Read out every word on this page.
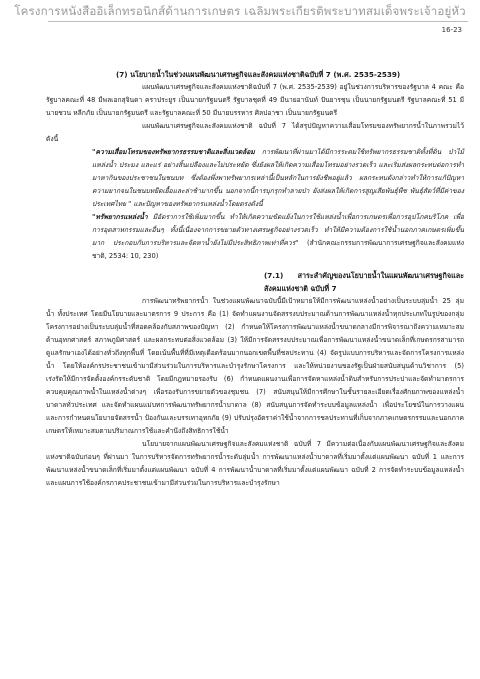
โครงการหนังสืออิเล็กทรอนิกส์ด้านการเกษตร เฉลิมพระเกียรติพระบาทสมเด็จพระเจ้าอยู่หัว
16-23

(7) นโยบายน้ำในช่วงแผนพัฒนาเศรษฐกิจและสังคมแห่งชาติฉบับที่ 7 (พ.ศ. 2535-2539)

แผนพัฒนาเศรษฐกิจและสังคมแห่งชาติฉบับที่ 7 (พ.ศ. 2535-2539) อยู่ในช่วงการบริหารของรัฐบาล 4 คณะ คือ รัฐบาลคณะที่ 48 มีพลเอกสุจินดา คราประยูร เป็นนายกรัฐมนตรี รัฐบาลชุดที่ 49 มีนายอานันท์ ปันยารชุน เป็นนายกรัฐมนตรี รัฐบาลคณะที่ 51 มีนายชวน หลีกภัย เป็นนายกรัฐมนตรี และรัฐบาลคณะที่ 50 มีนายบรรหาร ศิลปอาชา เป็นนายกรัฐมนตรี

แผนพัฒนาเศรษฐกิจและสังคมแห่งชาติ ฉบับที่ 7 ได้สรุปปัญหาความเสื่อมโทรมของทรัพยากรน้ำในภาพรวมไว้ดังนี้

"ความเสื่อมโทรมของทรัพยากรธรรมชาติและสิ่งแวดล้อม การพัฒนาที่ผ่านมาได้มีการระดมใช้ทรัพยากรธรรมชาติทั้งที่ดิน ป่าไม้ แหล่งน้ำ ประมง และแร่ อย่างสิ้นเปลืองและไม่ประหยัด ซึ่งยังผลให้เกิดความเสื่อมโทรมอย่างรวดเร็ว และเริ่มส่งผลกระทบต่อการทำมาหากินของประชาชนในชนบท ซึ่งต้องพึ่งพาทรัพยากรเหล่านี้เป็นหลักในการยังชีพอยู่แล้ว ผลกระทบดังกล่าวทำให้การแก้ปัญหาความยากจนในชนบทยืดเยื้อและล่าช้ามากขึ้น นอกจากนี้การบุกรุกทำลายป่า ยังส่งผลให้เกิดการสูญเสียพันธุ์พืช พันธุ์สัตว์ที่มีค่าของประเทศไทย " และปัญหาของทรัพยากรแหล่งน้ำโดยตรงดังนี้

"ทรัพยากรแหล่งน้ำ มีอัตราการใช้เพิ่มมากขึ้น ทำให้เกิดความขัดแย้งในการใช้แหล่งน้ำเพื่อการเกษตรเพื่อการอุปโภคบริโภค เพื่อการอุตสาหกรรมและอื่นๆ ทั้งนี้เนื่องจากการขยายตัวทางเศรษฐกิจอย่างรวดเร็ว ทำให้มีความต้องการใช้น้ำนอกภาคเกษตรเพิ่มขึ้นมาก ประกอบกับการบริหารและจัดหาน้ำยังไม่มีประสิทธิภาพเท่าที่ควร" (สำนักคณะกรรมการพัฒนาการเศรษฐกิจและสังคมแห่งชาติ, 2534: 10, 230)

(7.1) สาระสำคัญของนโยบายน้ำในแผนพัฒนาเศรษฐกิจและสังคมแห่งชาติ ฉบับที่ 7

การพัฒนาทรัพยากรน้ำ ในช่วงแผนพัฒนาฉบับนี้มีเป้าหมายให้มีการพัฒนาแหล่งน้ำอย่างเป็นระบบลุ่มน้ำ 25 ลุ่มน้ำ ทั้งประเทศ โดยมีนโยบายและมาตรการ 9 ประการ คือ (1) จัดทำแผนงานจัดสรรงบประมาณด้านการพัฒนาแหล่งน้ำทุกประเภทในรูปของกลุ่มโครงการอย่างเป็นระบบลุ่มน้ำที่สอดคล้องกับสภาพของปัญหา (2) กำหนดให้โครงการพัฒนาแหล่งน้ำขนาดกลางมีการพิจารณาถึงความเหมาะสมด้านอุทกศาสตร์ สภาพภูมิศาสตร์ และผลกระทบต่อสิ่งแวดล้อม (3) ให้มีการจัดสรรงบประมาณเพื่อการพัฒนาแหล่งน้ำขนาดเล็กที่เกษตรกรสามารถดูแลรักษาเองได้อย่างทั่วถึงทุกพื้นที่ โดยเน้นพื้นที่ที่มีเหตุเดือดร้อนมากนอกเขตพื้นที่ชลประทาน (4) จัดรูปแบบการบริหารและจัดการโครงการแหล่งน้ำ โดยให้องค์กรประชาชนเข้ามามีส่วนร่วมในการบริหารและบำรุงรักษาโครงการ และให้หน่วยงานของรัฐเป็นฝ่ายสนับสนุนด้านวิชาการ (5) เร่งรัดให้มีการจัดตั้งองค์กรระดับชาติ โดยมีกฎหมายรองรับ (6) กำหนดแผนงานเพื่อการจัดหาแหล่งน้ำดิบสำหรับการประปาและจัดทำมาตรการควบคุมคุณภาพน้ำในแหล่งน้ำต่างๆ เพื่อรองรับการขยายตัวของชุมชน (7) สนับสนุนให้มีการศึกษาในชั้นรายละเอียดเรื่องศักยภาพของแหล่งน้ำบาดาลทั่วประเทศ และจัดทำแผนแม่บทการพัฒนาทรัพยากรน้ำบาดาล (8) สนับสนุนการจัดทำระบบข้อมูลแหล่งน้ำ เพื่อประโยชน์ในการวางแผนและการกำหนดนโยบายจัดสรรน้ำ ป้องกันและบรรเทาอุทกภัย (9) ปรับปรุงอัตราค่าใช้น้ำจากการชลประทานที่เก็บจากภาคเกษตรกรรมและนอกภาคเกษตรให้เหมาะสมตามปริมาณการใช้และคำนึงถึงสิทธิการใช้น้ำ

นโยบายจากแผนพัฒนาเศรษฐกิจและสังคมแห่งชาติ ฉบับที่ 7 มีความต่อเนื่องกับแผนพัฒนาเศรษฐกิจและสังคมแห่งชาติฉบับก่อนๆ ที่ผ่านมา ในการบริหารจัดการทรัพยากรน้ำระดับลุ่มน้ำ การพัฒนาแหล่งน้ำบาดาลที่เริ่มมาตั้งแต่แผนพัฒนา ฉบับที่ 1 และการพัฒนาแหล่งน้ำขนาดเล็กที่เริ่มมาตั้งแต่แผนพัฒนา ฉบับที่ 4 การพัฒนาน้ำบาดาลที่เริ่มมาตั้งแต่แผนพัฒนา ฉบับที่ 2 การจัดทำระบบข้อมูลแหล่งน้ำ และแผนการใช้องค์กรภาคประชาชนเข้ามามีส่วนร่วมในการบริหารและบำรุงรักษา
